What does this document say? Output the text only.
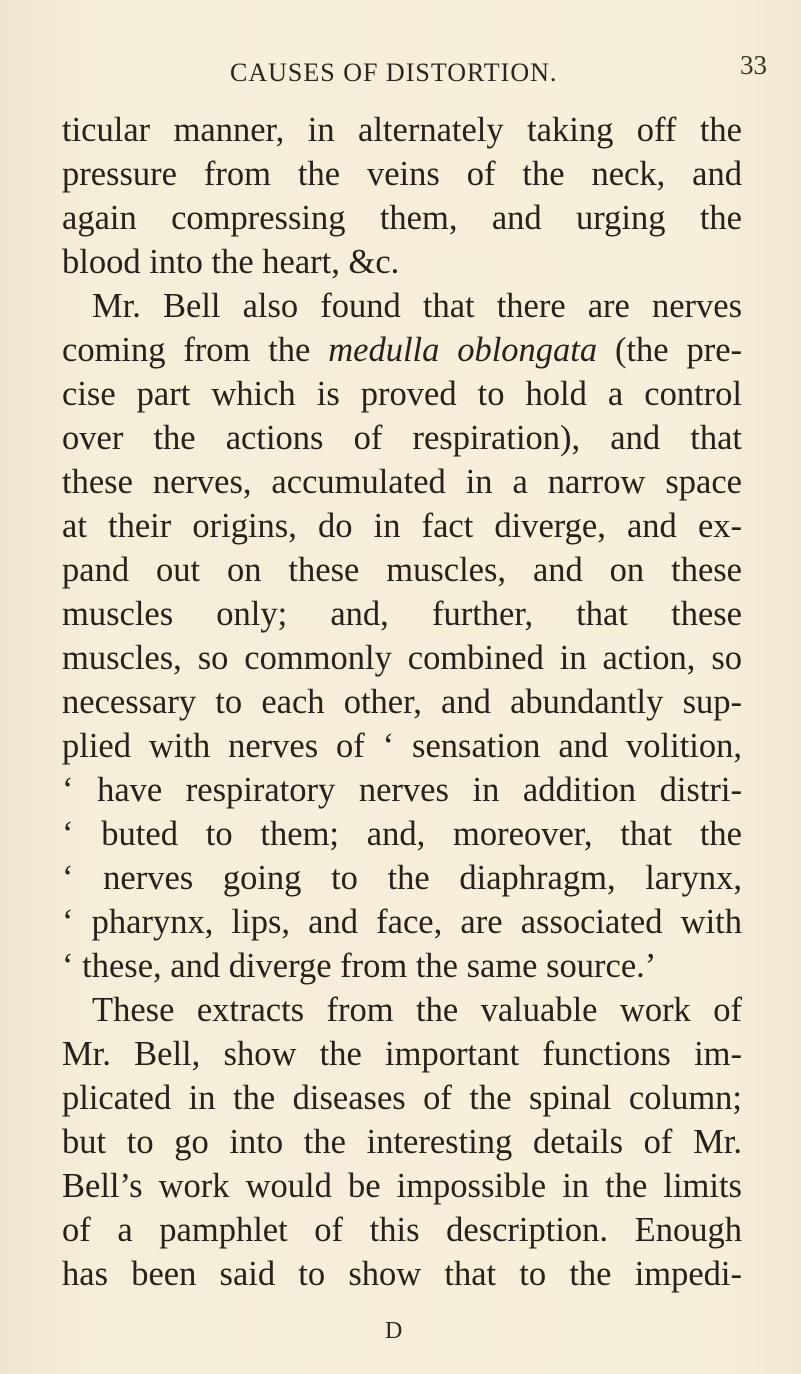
CAUSES OF DISTORTION.	33
ticular manner, in alternately taking off the
pressure from the veins of the neck, and
again compressing them, and urging the
blood into the heart, &c.
Mr. Bell also found that there are nerves
coming from the medulla oblongata (the pre-
cise part which is proved to hold a control
over the actions of respiration), and that
these nerves, accumulated in a narrow space
at their origins, do in fact diverge, and ex-
pand out on these muscles, and on these
muscles only; and, further, that these
muscles, so commonly combined in action, so
necessary to each other, and abundantly sup-
plied with nerves of ‘ sensation and volition,
‘ have respiratory nerves in addition distri-
‘ buted to them; and, moreover, that the
‘ nerves going to the diaphragm, larynx,
‘ pharynx, lips, and face, are associated with
‘ these, and diverge from the same source.’
These extracts from the valuable work of
Mr. Bell, show the important functions im-
plicated in the diseases of the spinal column;
but to go into the interesting details of Mr.
Bell’s work would be impossible in the limits
of a pamphlet of this description. Enough
has been said to show that to the impedi-
D
